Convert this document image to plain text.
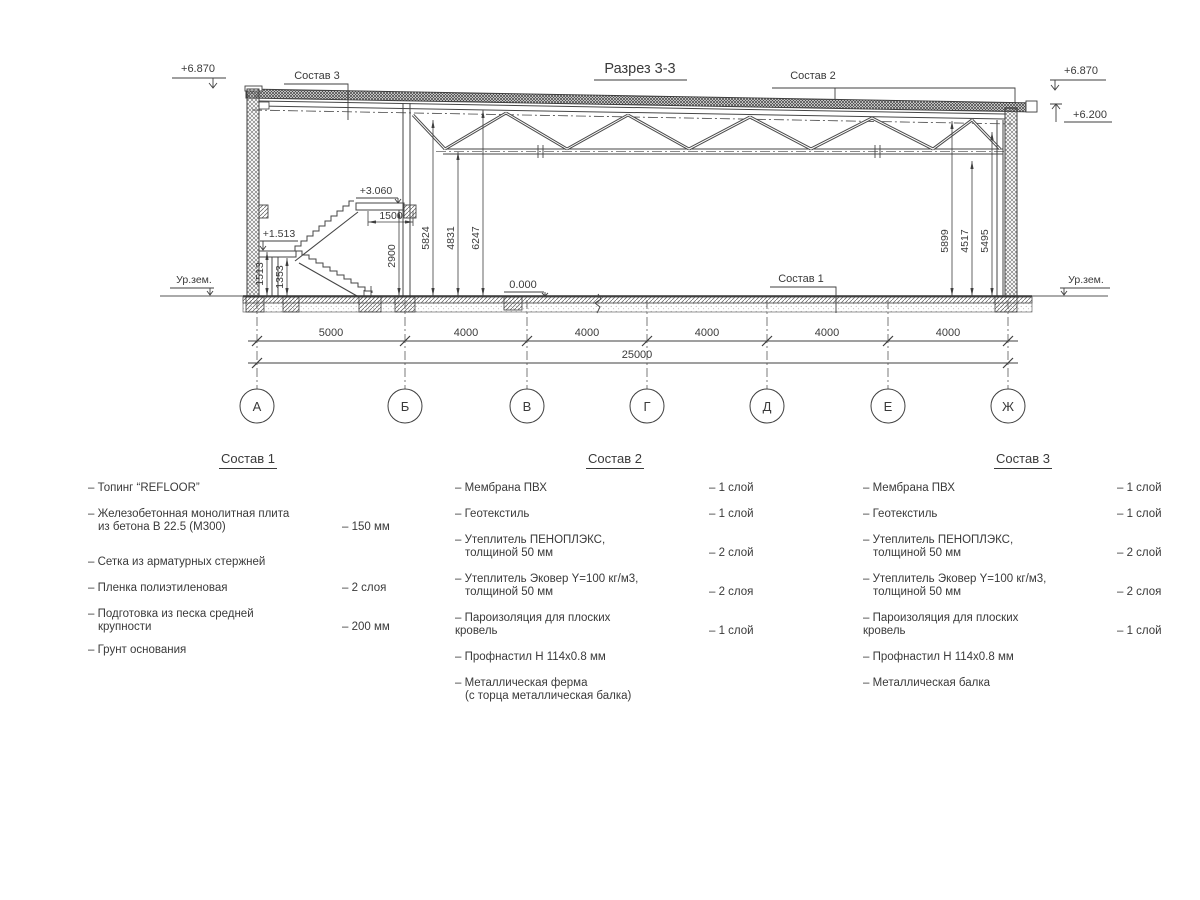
Разрез 3-3
+6.870	+6.870
+6.200
+3.060
+1.513
0.000
Ур.зем.	Ур.зем.
Состав 3	Состав 2
Состав 1
1513 1353
2900
5824 4831 6247	5899 4517 5495
1500
5000	4000	4000	4000	4000	4000
25000
А	Б	В	Г	Д	Е	Ж
Состав 1
– Топинг “REFLOOR”
– Железобетонная монолитная плита
из бетона В 22.5 (М300)	– 150 мм
– Сетка из арматурных стержней
– Пленка полиэтиленовая	– 2 слоя
– Подготовка из песка средней
крупности	– 200 мм
– Грунт основания
Состав 2
– Мембрана ПВХ	– 1 слой
– Геотекстиль	– 1 слой
– Утеплитель ПЕНОПЛЭКС,
толщиной 50 мм	– 2 слой
– Утеплитель Эковер Y=100 кг/м3,
толщиной 50 мм	– 2 слоя
– Пароизоляция для плоских кровель	– 1 слой
– Профнастил Н 114х0.8 мм
– Металлическая ферма
(с торца металлическая балка)
Состав 3
– Мембрана ПВХ	– 1 слой
– Геотекстиль	– 1 слой
– Утеплитель ПЕНОПЛЭКС,
толщиной 50 мм	– 2 слой
– Утеплитель Эковер Y=100 кг/м3,
толщиной 50 мм	– 2 слоя
– Пароизоляция для плоских кровель	– 1 слой
– Профнастил Н 114х0.8 мм
– Металлическая балка
